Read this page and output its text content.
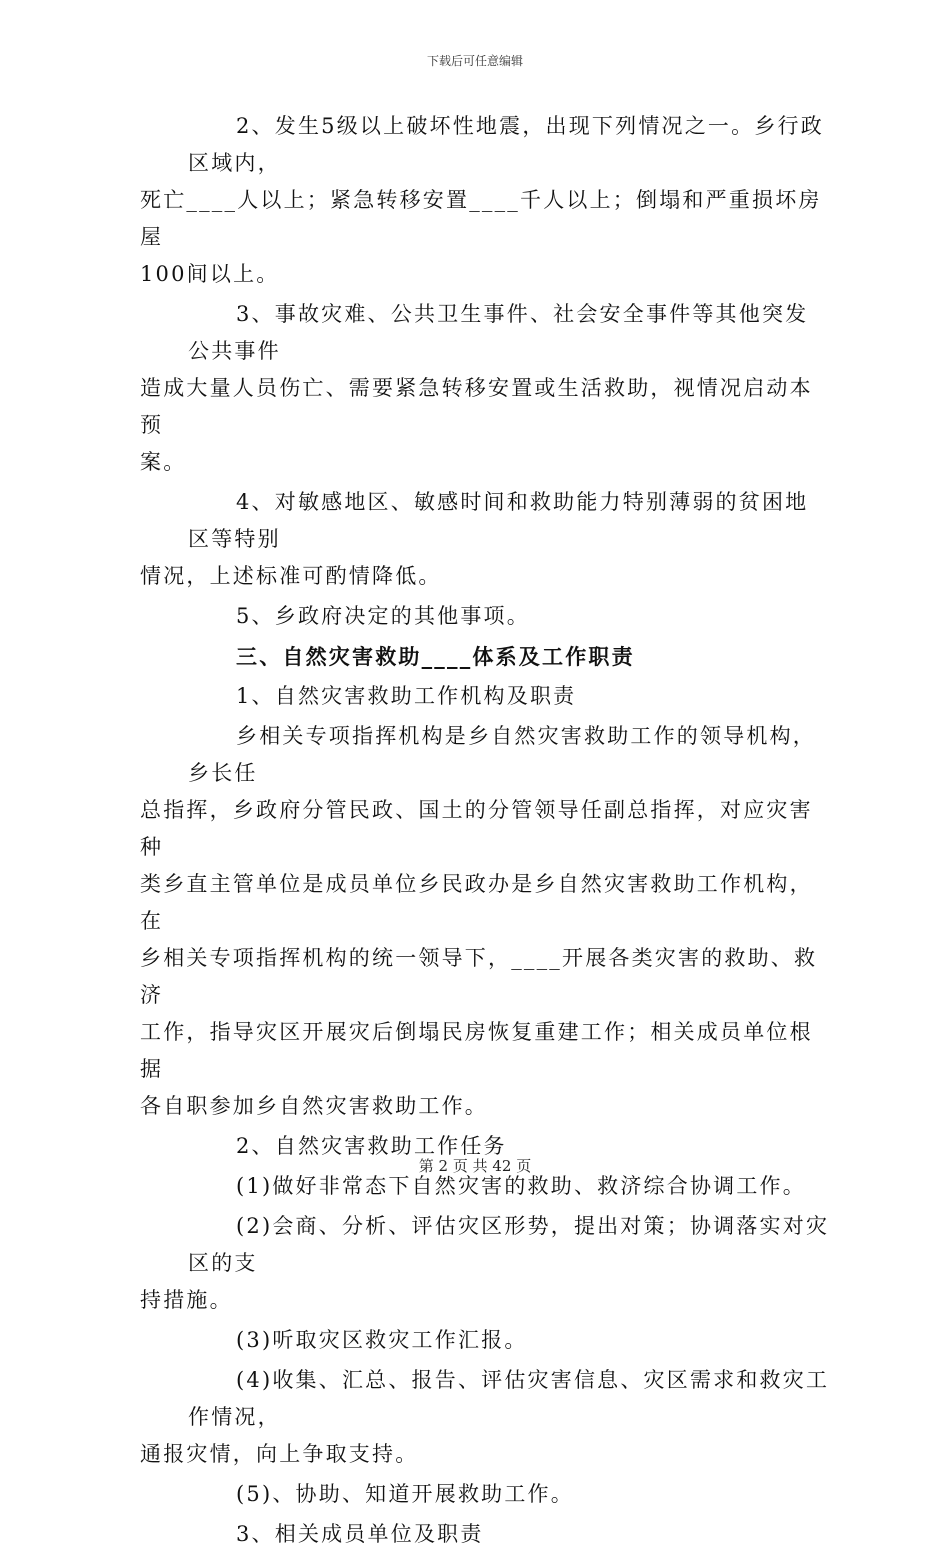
下载后可任意编辑
2、发生5级以上破坏性地震，出现下列情况之一。乡行政区域内，
死亡____人以上；紧急转移安置____千人以上；倒塌和严重损坏房屋
100间以上。
3、事故灾难、公共卫生事件、社会安全事件等其他突发公共事件
造成大量人员伤亡、需要紧急转移安置或生活救助，视情况启动本预
案。
4、对敏感地区、敏感时间和救助能力特别薄弱的贫困地区等特别
情况，上述标准可酌情降低。
5、乡政府决定的其他事项。
三、自然灾害救助____体系及工作职责
1、自然灾害救助工作机构及职责
乡相关专项指挥机构是乡自然灾害救助工作的领导机构，乡长任
总指挥，乡政府分管民政、国土的分管领导任副总指挥，对应灾害种
类乡直主管单位是成员单位乡民政办是乡自然灾害救助工作机构，在
乡相关专项指挥机构的统一领导下，____开展各类灾害的救助、救济
工作，指导灾区开展灾后倒塌民房恢复重建工作；相关成员单位根据
各自职参加乡自然灾害救助工作。
2、自然灾害救助工作任务
(1)做好非常态下自然灾害的救助、救济综合协调工作。
(2)会商、分析、评估灾区形势，提出对策；协调落实对灾区的支
持措施。
(3)听取灾区救灾工作汇报。
(4)收集、汇总、报告、评估灾害信息、灾区需求和救灾工作情况，
通报灾情，向上争取支持。
(5)、协助、知道开展救助工作。
3、相关成员单位及职责
第 2 页 共 42 页
